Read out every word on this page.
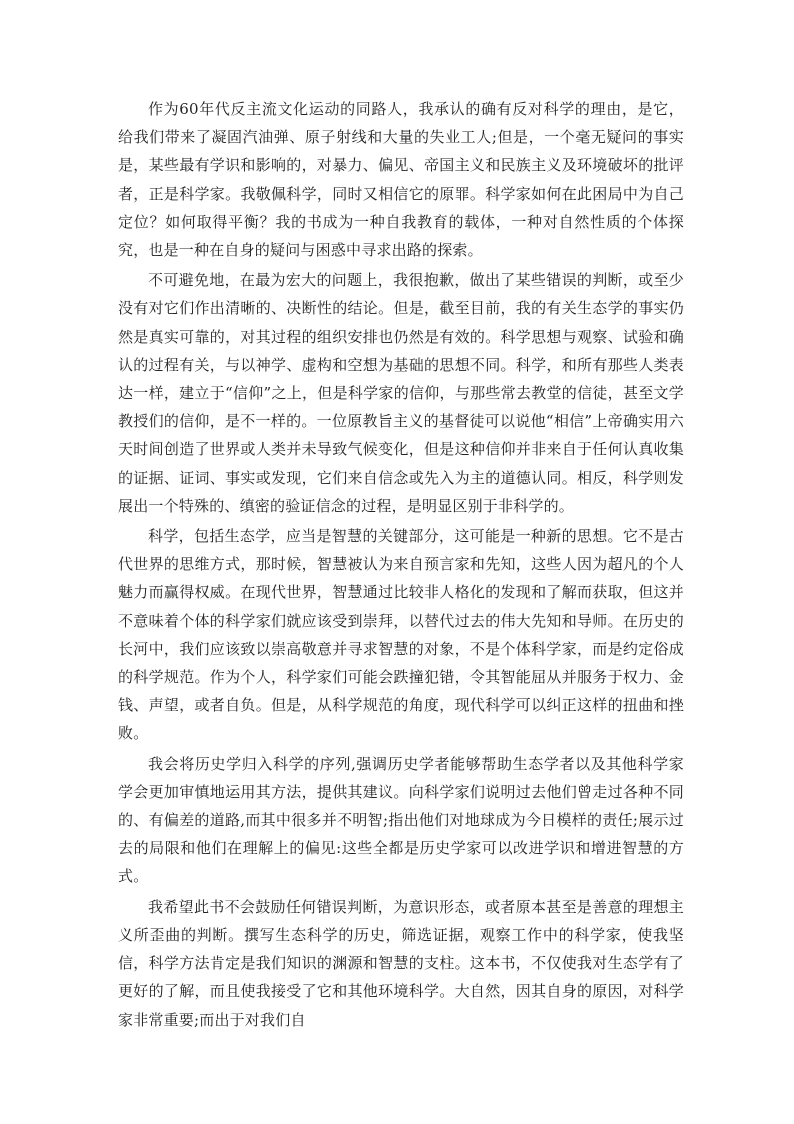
作为60年代反主流文化运动的同路人，我承认的确有反对科学的理由，是它，给我们带来了凝固汽油弹、原子射线和大量的失业工人;但是，一个毫无疑问的事实是，某些最有学识和影响的，对暴力、偏见、帝国主义和民族主义及环境破坏的批评者，正是科学家。我敬佩科学，同时又相信它的原罪。科学家如何在此困局中为自己定位？如何取得平衡？我的书成为一种自我教育的载体，一种对自然性质的个体探究，也是一种在自身的疑问与困惑中寻求出路的探索。

不可避免地，在最为宏大的问题上，我很抱歉，做出了某些错误的判断，或至少没有对它们作出清晰的、决断性的结论。但是，截至目前，我的有关生态学的事实仍然是真实可靠的，对其过程的组织安排也仍然是有效的。科学思想与观察、试验和确认的过程有关，与以神学、虚构和空想为基础的思想不同。科学，和所有那些人类表达一样，建立于“信仰”之上，但是科学家的信仰，与那些常去教堂的信徒，甚至文学教授们的信仰，是不一样的。一位原教旨主义的基督徒可以说他“相信”上帝确实用六天时间创造了世界或人类并未导致气候变化，但是这种信仰并非来自于任何认真收集的证据、证词、事实或发现，它们来自信念或先入为主的道德认同。相反，科学则发展出一个特殊的、缜密的验证信念的过程，是明显区别于非科学的。

科学，包括生态学，应当是智慧的关键部分，这可能是一种新的思想。它不是古代世界的思维方式，那时候，智慧被认为来自预言家和先知，这些人因为超凡的个人魅力而赢得权威。在现代世界，智慧通过比较非人格化的发现和了解而获取，但这并不意味着个体的科学家们就应该受到崇拜，以替代过去的伟大先知和导师。在历史的长河中，我们应该致以崇高敬意并寻求智慧的对象，不是个体科学家，而是约定俗成的科学规范。作为个人，科学家们可能会跌撞犯错，令其智能屈从并服务于权力、金钱、声望，或者自负。但是，从科学规范的角度，现代科学可以纠正这样的扭曲和挫败。

我会将历史学归入科学的序列,强调历史学者能够帮助生态学者以及其他科学家学会更加审慎地运用其方法，提供其建议。向科学家们说明过去他们曾走过各种不同的、有偏差的道路,而其中很多并不明智;指出他们对地球成为今日模样的责任;展示过去的局限和他们在理解上的偏见:这些全都是历史学家可以改进学识和增进智慧的方式。

我希望此书不会鼓励任何错误判断，为意识形态，或者原本甚至是善意的理想主义所歪曲的判断。撰写生态科学的历史，筛选证据，观察工作中的科学家，使我坚信，科学方法肯定是我们知识的渊源和智慧的支柱。这本书，不仅使我对生态学有了更好的了解，而且使我接受了它和其他环境科学。大自然，因其自身的原因，对科学家非常重要;而出于对我们自
